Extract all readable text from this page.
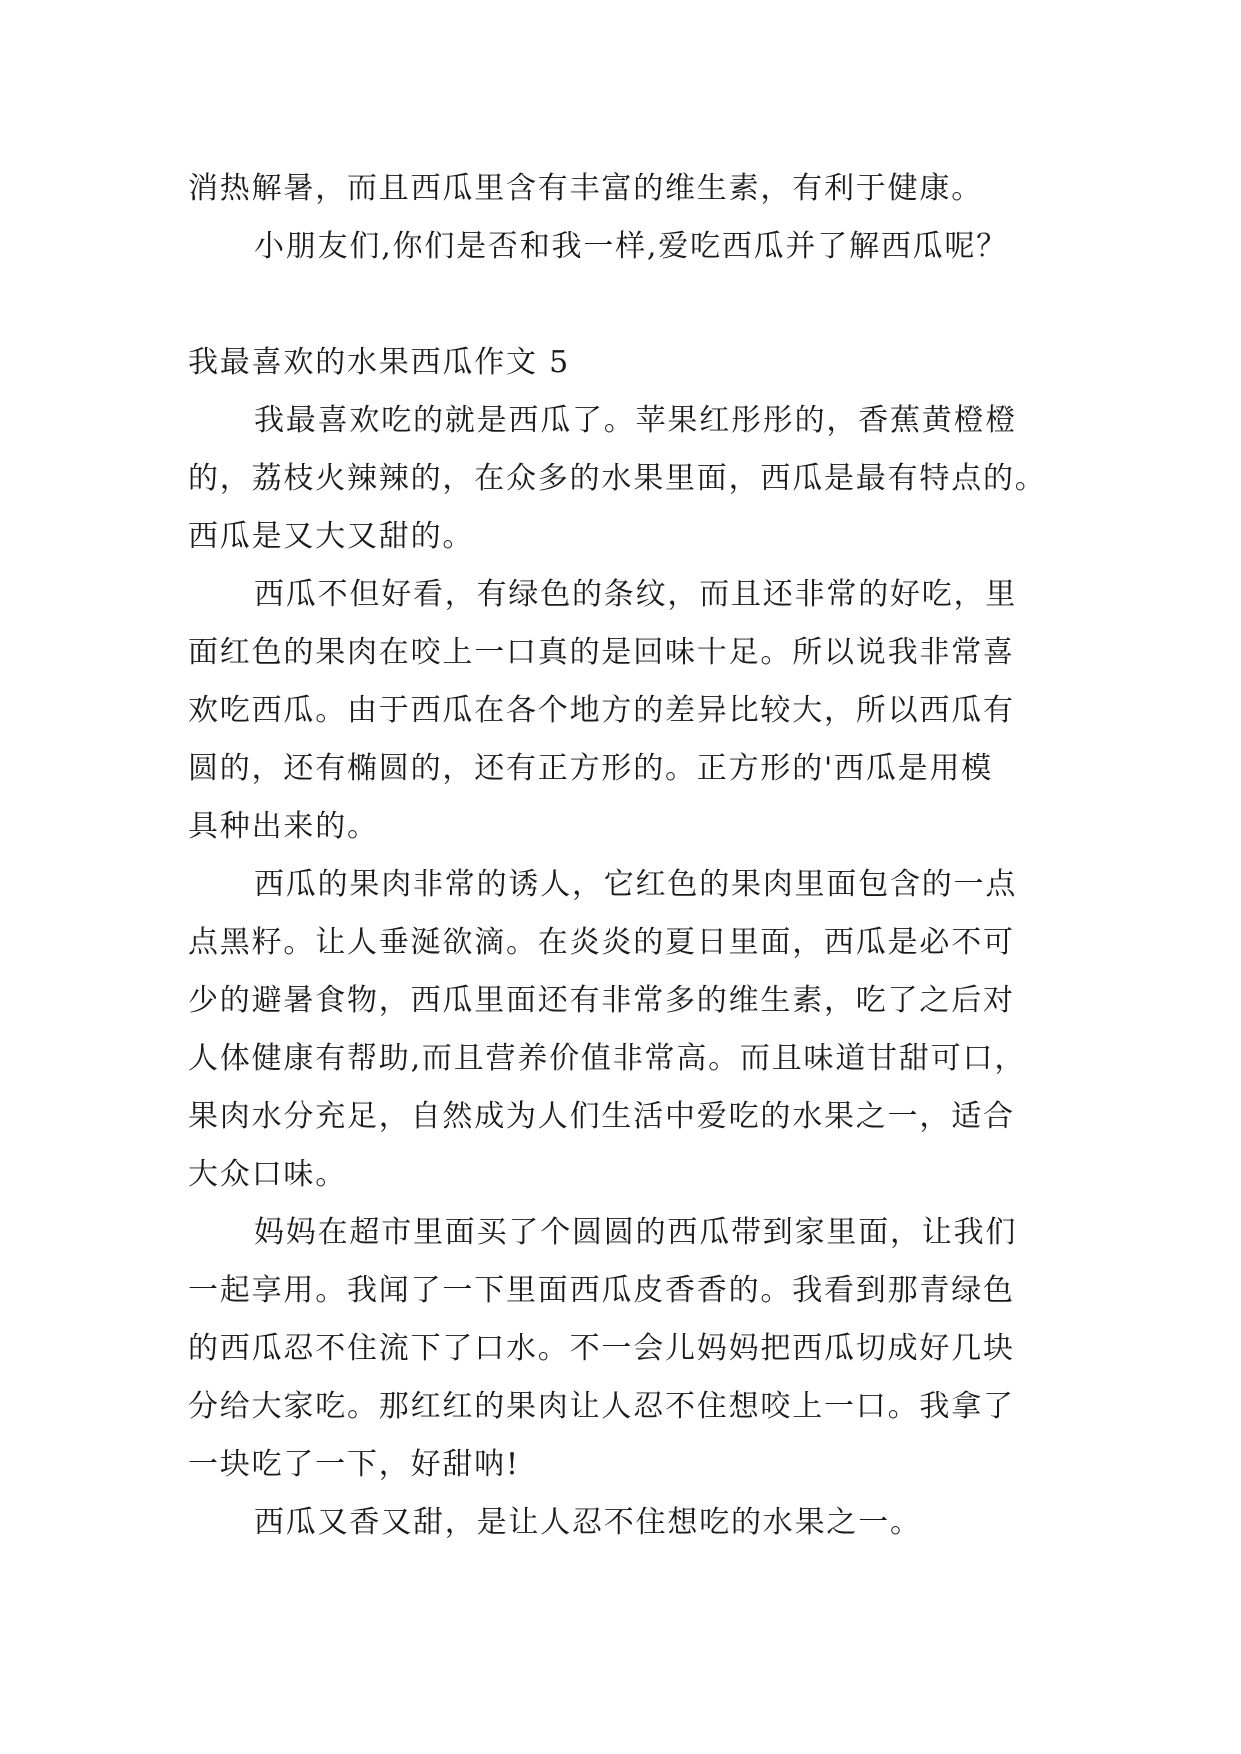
消热解暑，而且西瓜里含有丰富的维生素，有利于健康。
小朋友们,你们是否和我一样,爱吃西瓜并了解西瓜呢？
我最喜欢的水果西瓜作文 5
我最喜欢吃的就是西瓜了。苹果红彤彤的，香蕉黄橙橙
的，荔枝火辣辣的，在众多的水果里面，西瓜是最有特点的。
西瓜是又大又甜的。
西瓜不但好看，有绿色的条纹，而且还非常的好吃，里
面红色的果肉在咬上一口真的是回味十足。所以说我非常喜
欢吃西瓜。由于西瓜在各个地方的差异比较大，所以西瓜有
圆的，还有椭圆的，还有正方形的。正方形的'西瓜是用模
具种出来的。
西瓜的果肉非常的诱人，它红色的果肉里面包含的一点
点黑籽。让人垂涎欲滴。在炎炎的夏日里面，西瓜是必不可
少的避暑食物，西瓜里面还有非常多的维生素，吃了之后对
人体健康有帮助,而且营养价值非常高。而且味道甘甜可口，
果肉水分充足，自然成为人们生活中爱吃的水果之一，适合
大众口味。
妈妈在超市里面买了个圆圆的西瓜带到家里面，让我们
一起享用。我闻了一下里面西瓜皮香香的。我看到那青绿色
的西瓜忍不住流下了口水。不一会儿妈妈把西瓜切成好几块
分给大家吃。那红红的果肉让人忍不住想咬上一口。我拿了
一块吃了一下，好甜呐!
西瓜又香又甜，是让人忍不住想吃的水果之一。
